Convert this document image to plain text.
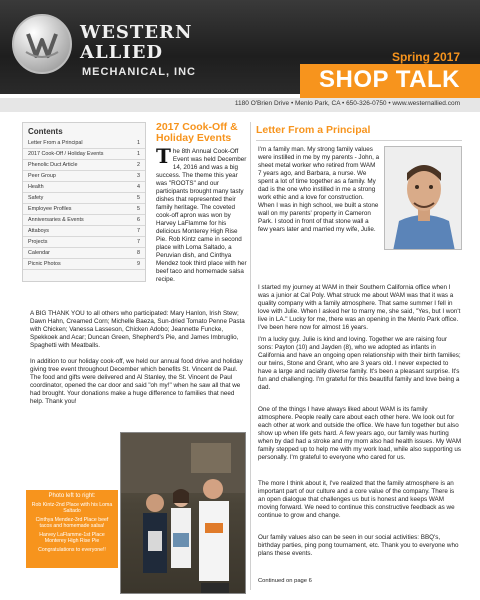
WESTERN
ALLIED
MECHANICAL, INC
Spring 2017
SHOP TALK
1180 O'Brien Drive • Menlo Park, CA • 650-326-0750 • www.westernallied.com
Contents
Letter From a Principal	1
2017 Cook-Off / Holiday Events	1
Phenolic Duct Article	2
Peer Group	3
Health	4
Safety	5
Employee Profiles	5
Anniversaries & Events	6
Attaboys	7
Projects	7
Calendar	8
Picnic Photos	9
2017 Cook-Off & Holiday Events
The 8th Annual Cook-Off Event was held December 14, 2016 and was a big success. The theme this year was "ROOTS" and our participants brought many tasty dishes that represented their family heritage. The coveted cook-off apron was won by Harvey LaFlamme for his delicious Monterey High Rise Pie. Rob Kintz came in second place with Loma Saltado, a Peruvian dish, and Cinthya Mendez took third place with her beef taco and homemade salsa recipe.
A BIG THANK YOU to all others who participated: Mary Hanlon, Irish Stew; Dawn Hahn, Creamed Corn; Michelle Baeza, Sun-dried Tomato Penne Pasta with Chicken; Vanessa Lasseson, Chicken Adobo; Jeannette Funcke, Spekkoek and Acar; Duncan Green, Shepherd's Pie, and James Imbruglio, Spaghetti with Meatballs.
In addition to our holiday cook-off, we held our annual food drive and holiday giving tree event throughout December which benefits St. Vincent de Paul. The food and gifts were delivered and Al Stanley, the St. Vincent de Paul coordinator, opened the car door and said "oh my!" when he saw all that we had brought. Your donations make a huge difference to families that need help. Thank you!
Photo left to right:
Rob Kintz-2nd Place with his Loma Saltado
Cinthya Mendez-3rd Place beef tacos and homemade salsa!
Harvey LaFlamme-1st Place Monterey High Rise Pie
Congratulations to everyone!!
Letter From a Principal
I'm a family man. My strong family values were instilled in me by my parents - John, a sheet metal worker who retired from WAM 7 years ago, and Barbara, a nurse. We spent a lot of time together as a family. My dad is the one who instilled in me a strong work ethic and a love for construction. When I was in high school, we built a stone wall on my parents' property in Cameron Park. I stood in front of that stone wall a few years later and married my wife, Julie.
I started my journey at WAM in their Southern California office when I was a junior at Cal Poly. What struck me about WAM was that it was a quality company with a family atmosphere. That same summer I fell in love with Julie. When I asked her to marry me, she said, "Yes, but I won't live in LA." Lucky for me, there was an opening in the Menlo Park office. I've been here now for almost 16 years.
I'm a lucky guy. Julie is kind and loving. Together we are raising four sons: Payton (10) and Jayden (8), who we adopted as infants in California and have an ongoing open relationship with their birth families; our twins, Stone and Grant, who are 3 years old. I never expected to have a large and racially diverse family. It's been a pleasant surprise. It's fun and challenging. I'm grateful for this beautiful family and love being a dad.
One of the things I have always liked about WAM is its family atmosphere. People really care about each other here. We look out for each other at work and outside the office. We have fun together but also show up when life gets hard. A few years ago, our family was hurting when by dad had a stroke and my mom also had health issues. My WAM family stepped up to help me with my work load, while also supporting us personally. I'm grateful to everyone who cared for us.
The more I think about it, I've realized that the family atmosphere is an important part of our culture and a core value of the company. There is an open dialogue that challenges us but is honest and keeps WAM moving forward. We need to continue this constructive feedback as we continue to grow and change.
Our family values also can be seen in our social activities: BBQ's, birthday parties, ping pong tournament, etc. Thank you to everyone who plans these events.
Continued on page 6
